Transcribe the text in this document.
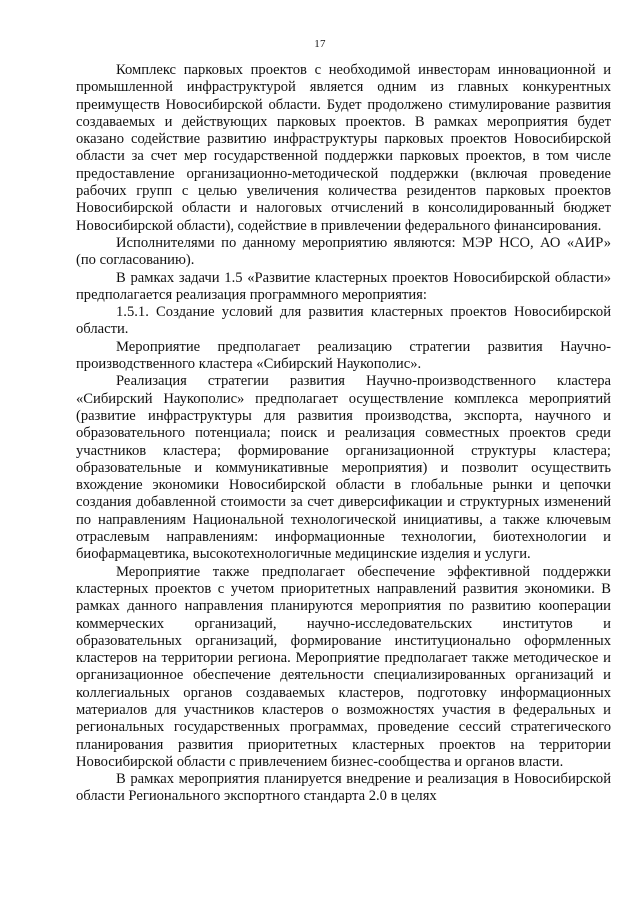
17

Комплекс парковых проектов с необходимой инвесторам инновационной и промышленной инфраструктурой является одним из главных конкурентных преимуществ Новосибирской области. Будет продолжено стимулирование развития создаваемых и действующих парковых проектов. В рамках мероприятия будет оказано содействие развитию инфраструктуры парковых проектов Новосибирской области за счет мер государственной поддержки парковых проектов, в том числе предоставление организационно-методической поддержки (включая проведение рабочих групп с целью увеличения количества резидентов парковых проектов Новосибирской области и налоговых отчислений в консолидированный бюджет Новосибирской области), содействие в привлечении федерального финансирования.

Исполнителями по данному мероприятию являются: МЭР НСО, АО «АИР» (по согласованию).

В рамках задачи 1.5 «Развитие кластерных проектов Новосибирской области» предполагается реализация программного мероприятия:

1.5.1. Создание условий для развития кластерных проектов Новосибирской области.

Мероприятие предполагает реализацию стратегии развития Научно-производственного кластера «Сибирский Наукополис».

Реализация стратегии развития Научно-производственного кластера «Сибирский Наукополис» предполагает осуществление комплекса мероприятий (развитие инфраструктуры для развития производства, экспорта, научного и образовательного потенциала; поиск и реализация совместных проектов среди участников кластера; формирование организационной структуры кластера; образовательные и коммуникативные мероприятия) и позволит осуществить вхождение экономики Новосибирской области в глобальные рынки и цепочки создания добавленной стоимости за счет диверсификации и структурных изменений по направлениям Национальной технологической инициативы, а также ключевым отраслевым направлениям: информационные технологии, биотехнологии и биофармацевтика, высокотехнологичные медицинские изделия и услуги.

Мероприятие также предполагает обеспечение эффективной поддержки кластерных проектов с учетом приоритетных направлений развития экономики. В рамках данного направления планируются мероприятия по развитию кооперации коммерческих организаций, научно-исследовательских институтов и образовательных организаций, формирование институционально оформленных кластеров на территории региона. Мероприятие предполагает также методическое и организационное обеспечение деятельности специализированных организаций и коллегиальных органов создаваемых кластеров, подготовку информационных материалов для участников кластеров о возможностях участия в федеральных и региональных государственных программах, проведение сессий стратегического планирования развития приоритетных кластерных проектов на территории Новосибирской области с привлечением бизнес-сообщества и органов власти.

В рамках мероприятия планируется внедрение и реализация в Новосибирской области Регионального экспортного стандарта 2.0 в целях
